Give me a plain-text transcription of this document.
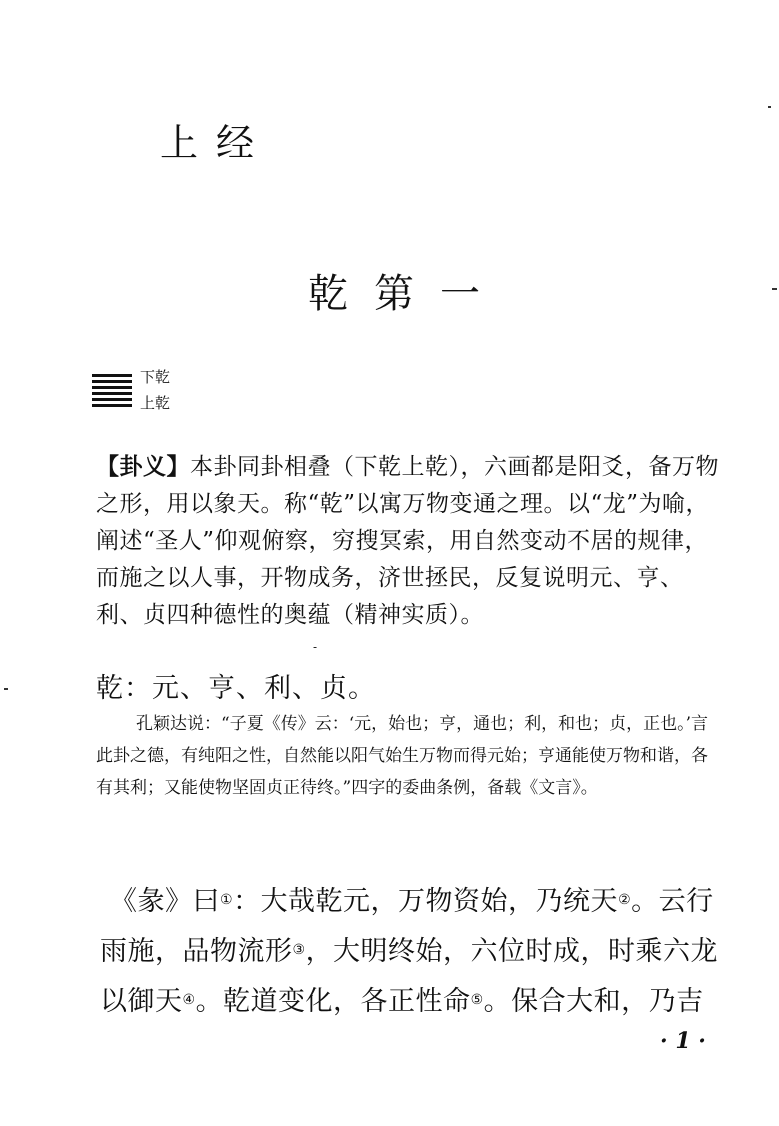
上经
乾第一
下乾
上乾
【卦义】本卦同卦相叠（下乾上乾），六画都是阳爻，备万物之形，用以象天。称“乾”以寓万物变通之理。以“龙”为喻，阐述“圣人”仰观俯察，穷搜冥索，用自然变动不居的规律，而施之以人事，开物成务，济世拯民，反复说明元、亨、利、贞四种德性的奥蕴（精神实质）。
-
乾：元、亨、利、贞。
孔颖达说：“子夏《传》云：‘元，始也；亨，通也；利，和也；贞，正也。’言此卦之德，有纯阳之性，自然能以阳气始生万物而得元始；亨通能使万物和谐，各有其利；又能使物坚固贞正待终。”四字的委曲条例，备载《文言》。
《彖》曰①：大哉乾元，万物资始，乃统天②。云行雨施，品物流形③，大明终始，六位时成，时乘六龙以御天④。乾道变化，各正性命⑤。保合大和，乃吉
· 1 ·
